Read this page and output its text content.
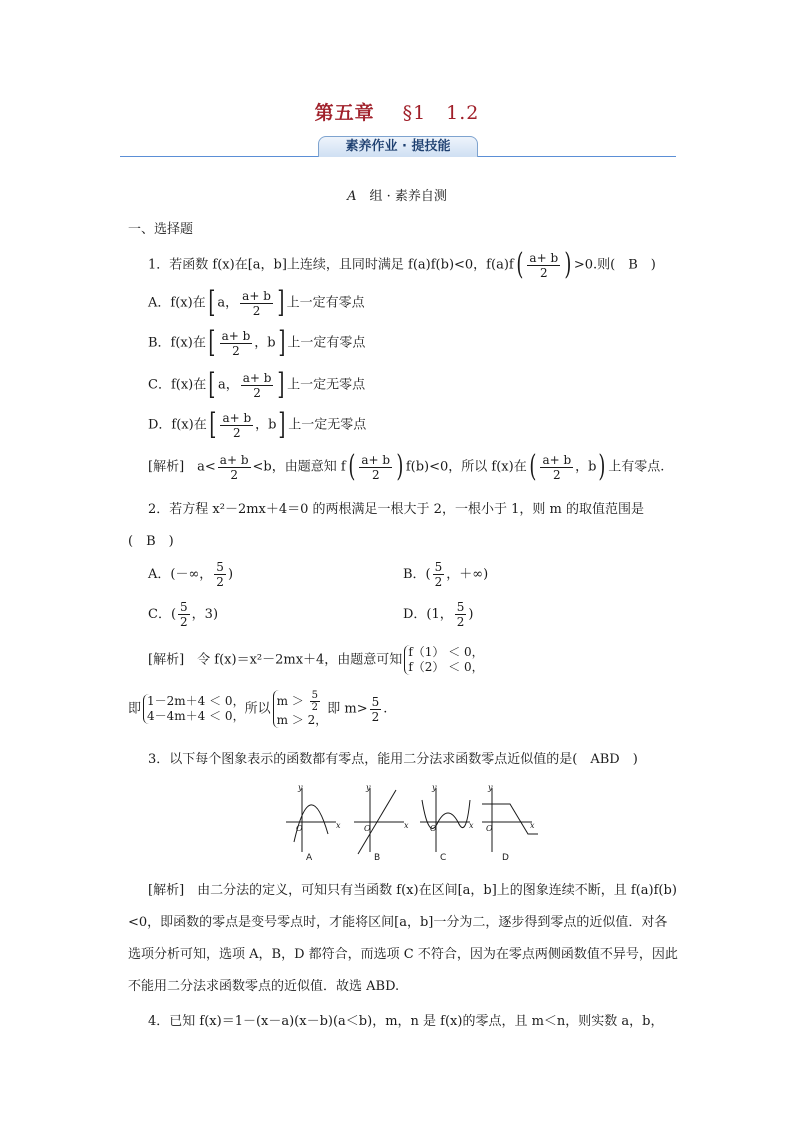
第五章 §1　1.2
素养作业 · 提技能
A　 组 · 素养自测
一、选择题
1．若函数 f(x)在[a，b]上连续，且同时满足 f(a)f(b)<0，$f(a)f( \frac{a+ b}{2}$ ) >0.则(　B　)
A．f(x)在[ a， $\frac{a+ b}{2}$ ] 上一定有零点
B．f(x)在[ $\frac{a+ b}{2}$ ，b] 上一定有零点
C．f(x)在[ a， $\frac{a+ b}{2}$ ] 上一定无零点
D．f(x)在[ $\frac{a+ b}{2}$ ，b] 上一定无零点
[解析]　$a< \frac{a+ b}{2} <b$，由题意知 $f( \frac{a+ b}{2}$ ) f(b)<0，所以 f(x)在( $\frac{a+ b}{2}$ ，b) 上有零点.
2．若方程 x²－2mx＋4＝0 的两根满足一根大于 2，一根小于 1，则 m 的取值范围是
(　B　)
A．(－∞， $\frac{5}{2}$ )	B．( $\frac{5}{2}$ ，＋∞)
C．( $\frac{5}{2}$ ，3)	D．(1， $\frac{5}{2}$ )
[解析]　令 f(x)＝x²－2mx＋4，由题意可知
f（1） ＜ 0，
f（2） ＜ 0，
即
1－2m＋4 ＜ 0，
4－4m＋4 ＜ 0， 所以
$m > \frac{5}{2}$
m ＞ 2，
即 $m> \frac{5}{2}$ .
3．以下每个图象表示的函数都有零点，能用二分法求函数零点近似值的是(　ABD　)
O	x
y
O	x
y
O	x
y
O	x
y
A	B	C	D
[解析]　由二分法的定义，可知只有当函数 f(x)在区间[a，b]上的图象连续不断，且 f(a)f(b) <0，即函数的零点是变号零点时，才能将区间[a，b]一分为二，逐步得到零点的近似值．对各选项分析可知，选项 A，B，D 都符合，而选项 C 不符合，因为在零点两侧函数值不异号，因此不能用二分法求函数零点的近似值．故选 ABD.
4．已知 f(x)＝1－(x－a)(x－b)(a＜b)，m，n 是 f(x)的零点，且 m＜n，则实数 a，b，
